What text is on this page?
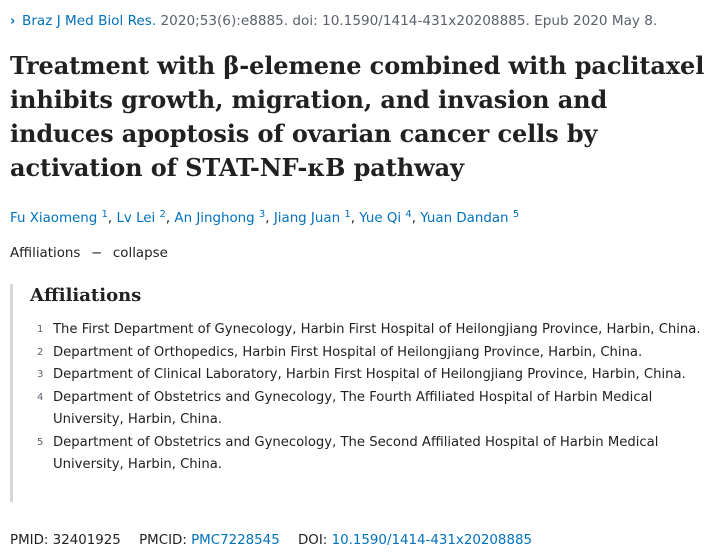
› Braz J Med Biol Res. 2020;53(6):e8885. doi: 10.1590/1414-431x20208885. Epub 2020 May 8.
Treatment with β-elemene combined with paclitaxel inhibits growth, migration, and invasion and induces apoptosis of ovarian cancer cells by activation of STAT-NF-κB pathway
Fu Xiaomeng $^1$, Lv Lei $^2$, An Jinghong $^3$, Jiang Juan $^1$, Yue Qi $^4$, Yuan Dandan $^5$
Affiliations − collapse
Affiliations
1 The First Department of Gynecology, Harbin First Hospital of Heilongjiang Province, Harbin, China.
2 Department of Orthopedics, Harbin First Hospital of Heilongjiang Province, Harbin, China.
3 Department of Clinical Laboratory, Harbin First Hospital of Heilongjiang Province, Harbin, China.
4 Department of Obstetrics and Gynecology, The Fourth Affiliated Hospital of Harbin Medical University, Harbin, China.
5 Department of Obstetrics and Gynecology, The Second Affiliated Hospital of Harbin Medical University, Harbin, China.
PMID: 32401925 PMCID: PMC7228545 DOI: 10.1590/1414-431x20208885
